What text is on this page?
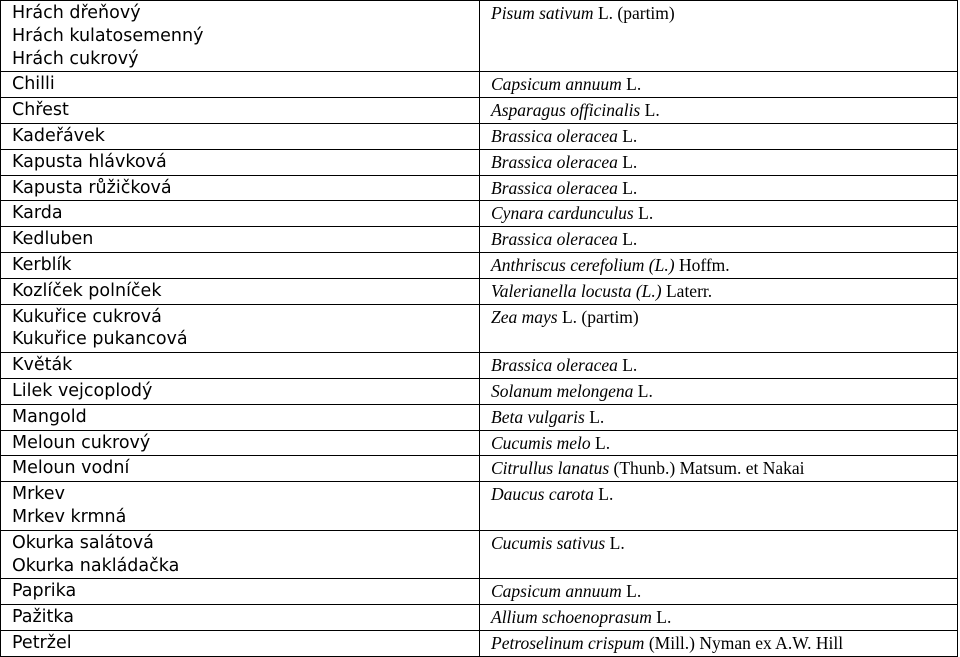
Hrách dřeňový
Hrách kulatosemenný
Hrách cukrový	Pisum sativum L. (partim)

Chilli	Capsicum annuum L.

Chřest	Asparagus officinalis L.

Kadeřávek	Brassica oleracea L.

Kapusta hlávková	Brassica oleracea L.

Kapusta růžičková	Brassica oleracea L.

Karda	Cynara cardunculus L.

Kedluben	Brassica oleracea L.

Kerblík	Anthriscus cerefolium (L.) Hoffm.

Kozlíček polníček	Valerianella locusta (L.) Laterr.

Kukuřice cukrová
Kukuřice pukancová	Zea mays L. (partim)

Květák	Brassica oleracea L.

Lilek vejcoplodý	Solanum melongena L.

Mangold	Beta vulgaris L.

Meloun cukrový	Cucumis melo L.

Meloun vodní	Citrullus lanatus (Thunb.) Matsum. et Nakai

Mrkev
Mrkev krmná	Daucus carota L.

Okurka salátová
Okurka nakládačka	Cucumis sativus L.

Paprika	Capsicum annuum L.

Pažitka	Allium schoenoprasum L.

Petržel	Petroselinum crispum (Mill.) Nyman ex A.W. Hill
